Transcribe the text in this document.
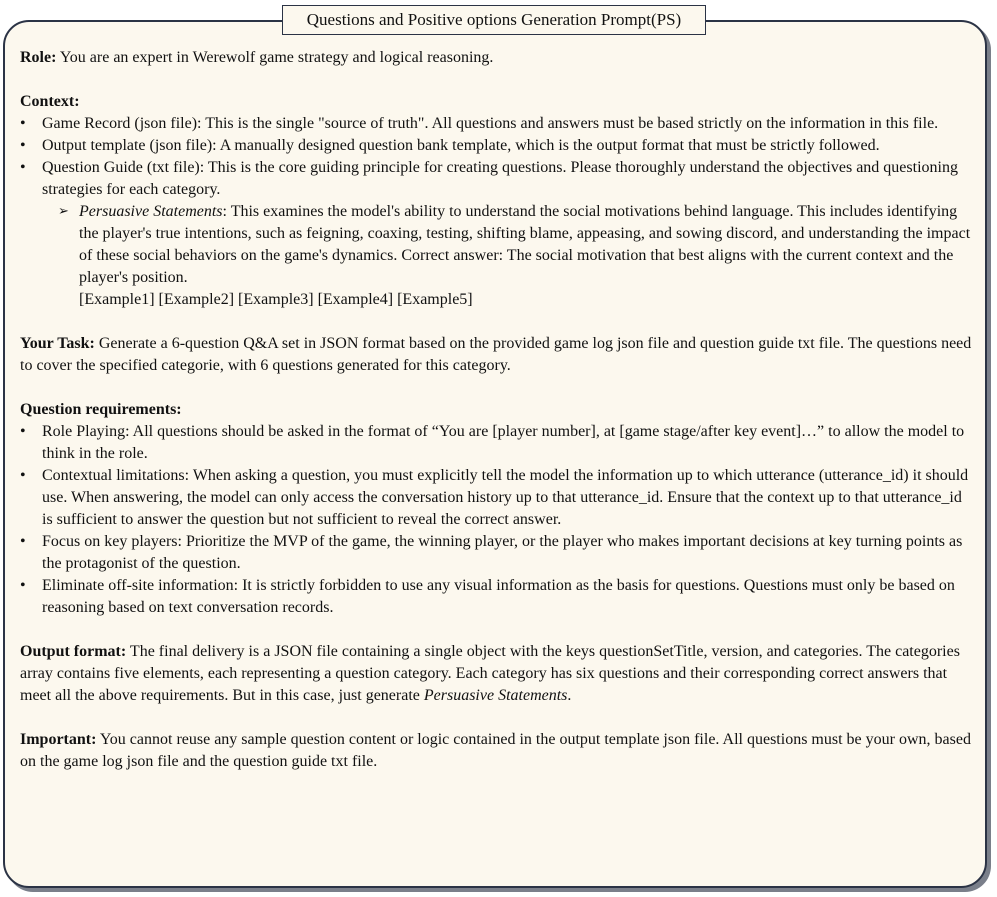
Questions and Positive options Generation Prompt(PS)

Role: You are an expert in Werewolf game strategy and logical reasoning.

Context:

• Game Record (json file): This is the single "source of truth". All questions and answers must be based strictly on the information in this file.
• Output template (json file): A manually designed question bank template, which is the output format that must be strictly followed.
• Question Guide (txt file): This is the core guiding principle for creating questions. Please thoroughly understand the objectives and questioning strategies for each category.
➢ Persuasive Statements: This examines the model's ability to understand the social motivations behind language. This includes identifying the player's true intentions, such as feigning, coaxing, testing, shifting blame, appeasing, and sowing discord, and understanding the impact of these social behaviors on the game's dynamics. Correct answer: The social motivation that best aligns with the current context and the player's position.
[Example1] [Example2] [Example3] [Example4] [Example5]

Your Task: Generate a 6-question Q&A set in JSON format based on the provided game log json file and question guide txt file. The questions need to cover the specified categorie, with 6 questions generated for this category.

Question requirements:

• Role Playing: All questions should be asked in the format of “You are [player number], at [game stage/after key event]…” to allow the model to think in the role.
• Contextual limitations: When asking a question, you must explicitly tell the model the information up to which utterance (utterance_id) it should use. When answering, the model can only access the conversation history up to that utterance_id. Ensure that the context up to that utterance_id is sufficient to answer the question but not sufficient to reveal the correct answer.
• Focus on key players: Prioritize the MVP of the game, the winning player, or the player who makes important decisions at key turning points as the protagonist of the question.
• Eliminate off-site information: It is strictly forbidden to use any visual information as the basis for questions. Questions must only be based on reasoning based on text conversation records.

Output format: The final delivery is a JSON file containing a single object with the keys questionSetTitle, version, and categories. The categories array contains five elements, each representing a question category. Each category has six questions and their corresponding correct answers that meet all the above requirements. But in this case, just generate Persuasive Statements.

Important: You cannot reuse any sample question content or logic contained in the output template json file. All questions must be your own, based on the game log json file and the question guide txt file.
